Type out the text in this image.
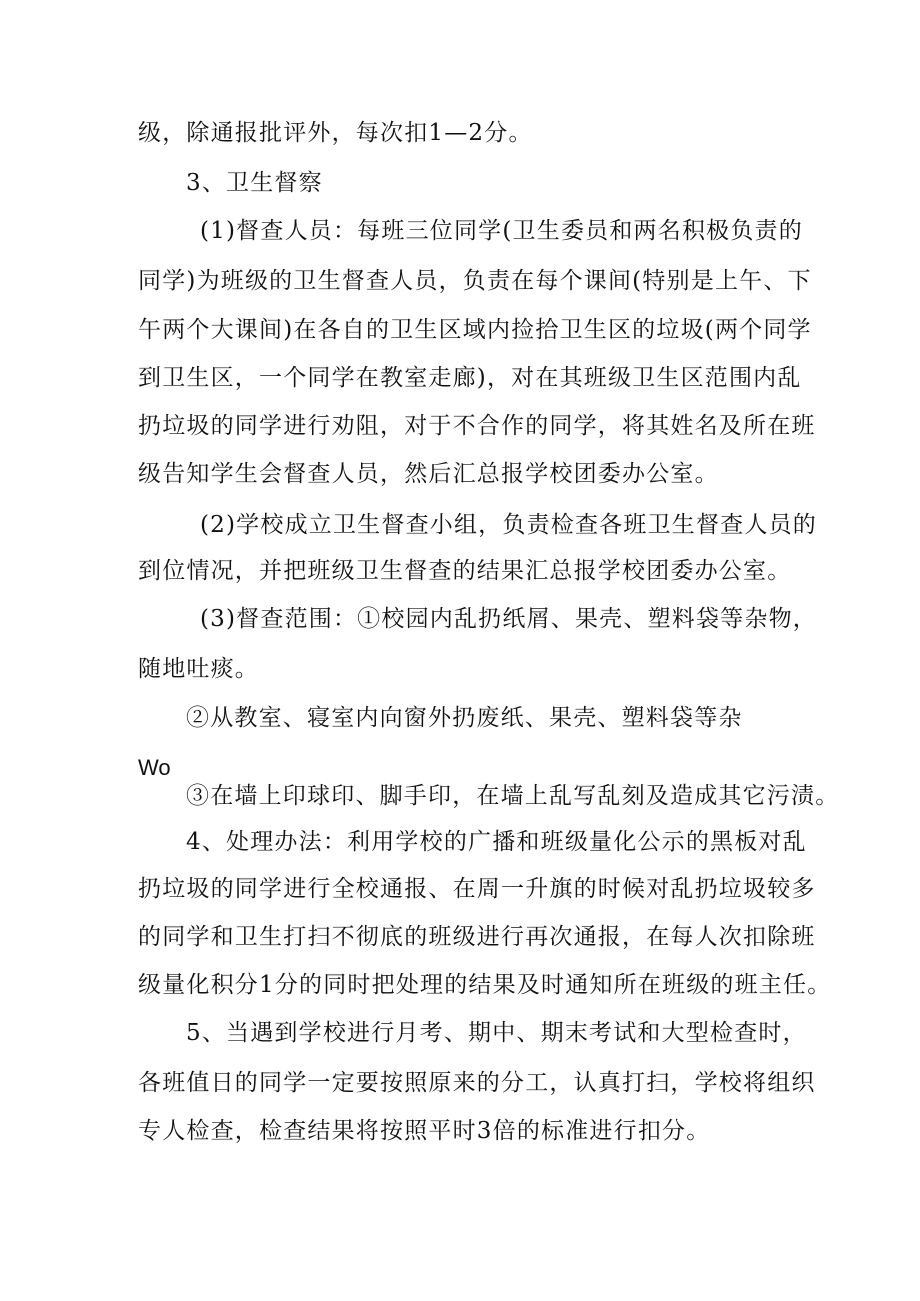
级，除通报批评外，每次扣1—2分。
3、卫生督察
(1)督查人员：每班三位同学(卫生委员和两名积极负责的
同学)为班级的卫生督查人员，负责在每个课间(特别是上午、下
午两个大课间)在各自的卫生区域内捡拾卫生区的垃圾(两个同学
到卫生区，一个同学在教室走廊)，对在其班级卫生区范围内乱
扔垃圾的同学进行劝阻，对于不合作的同学，将其姓名及所在班
级告知学生会督查人员，然后汇总报学校团委办公室。
(2)学校成立卫生督查小组，负责检查各班卫生督查人员的
到位情况，并把班级卫生督查的结果汇总报学校团委办公室。
(3)督查范围：①校园内乱扔纸屑、果壳、塑料袋等杂物，
随地吐痰。
②从教室、寝室内向窗外扔废纸、果壳、塑料袋等杂
Wo
③在墙上印球印、脚手印，在墙上乱写乱刻及造成其它污渍。
4、处理办法：利用学校的广播和班级量化公示的黑板对乱
扔垃圾的同学进行全校通报、在周一升旗的时候对乱扔垃圾较多
的同学和卫生打扫不彻底的班级进行再次通报，在每人次扣除班
级量化积分1分的同时把处理的结果及时通知所在班级的班主任。
5、当遇到学校进行月考、期中、期末考试和大型检查时，
各班值日的同学一定要按照原来的分工，认真打扫，学校将组织
专人检查，检查结果将按照平时3倍的标准进行扣分。
